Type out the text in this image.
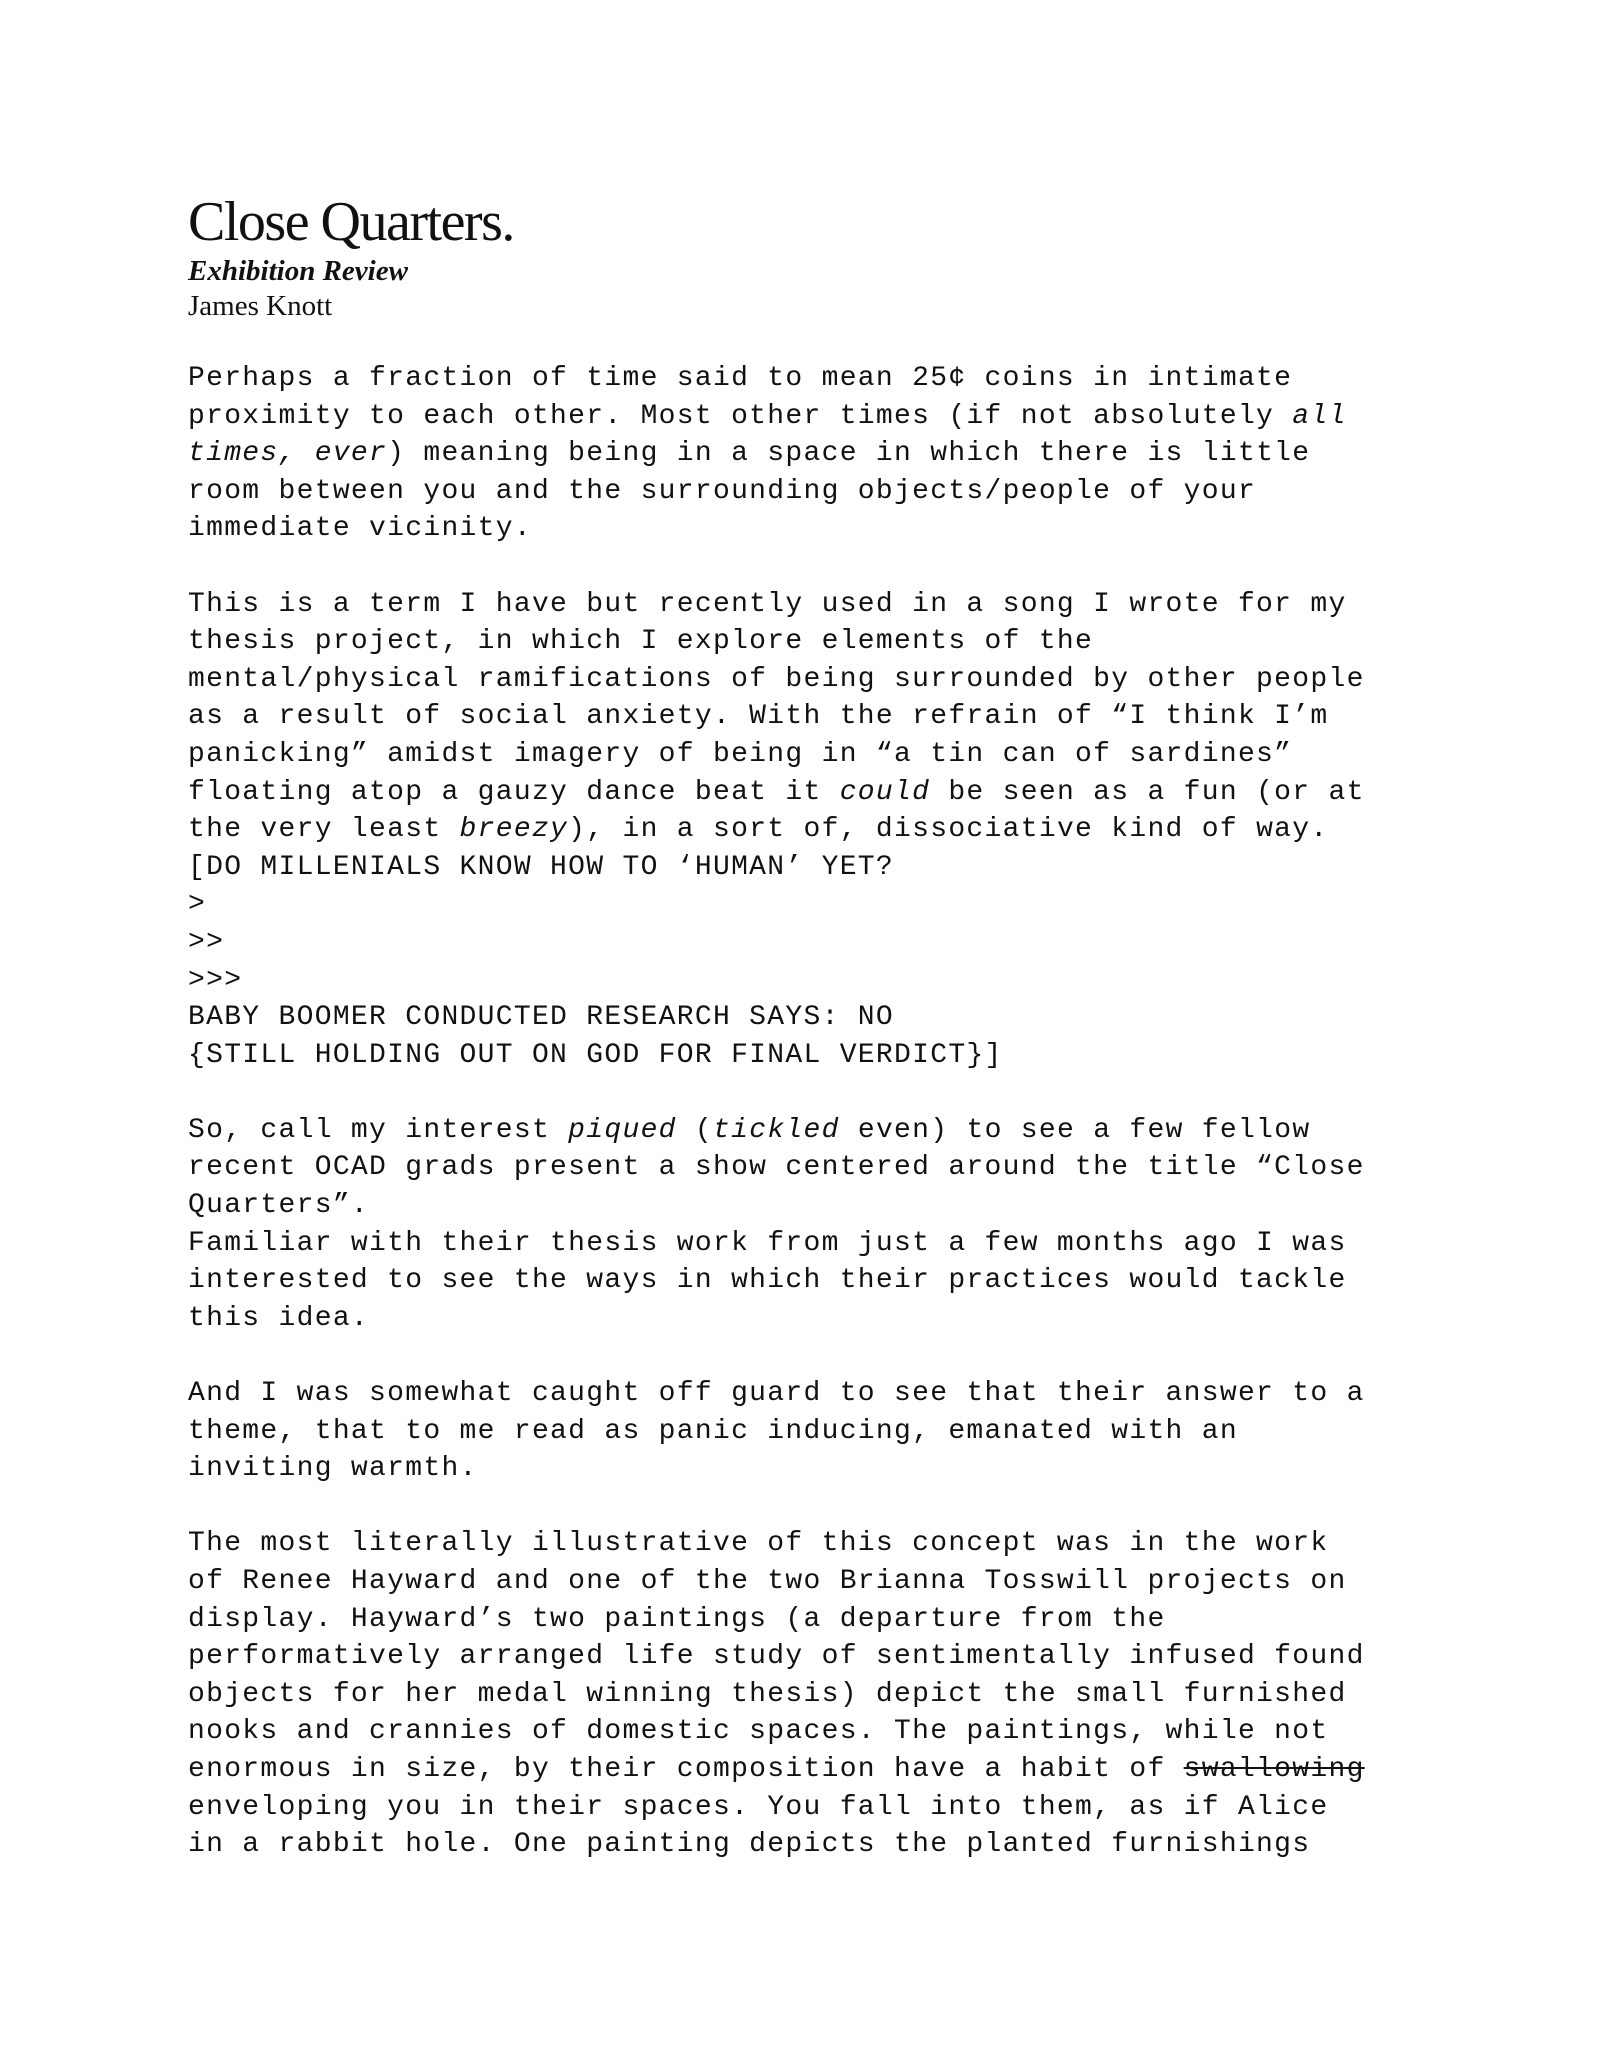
Close Quarters.

Exhibition Review

James Knott

Perhaps a fraction of time said to mean 25¢ coins in intimate
proximity to each other. Most other times (if not absolutely all
times, ever) meaning being in a space in which there is little
room between you and the surrounding objects/people of your
immediate vicinity.
This is a term I have but recently used in a song I wrote for my
thesis project, in which I explore elements of the
mental/physical ramifications of being surrounded by other people
as a result of social anxiety. With the refrain of “I think I’m
panicking” amidst imagery of being in “a tin can of sardines”
floating atop a gauzy dance beat it could be seen as a fun (or at
the very least breezy), in a sort of, dissociative kind of way.
[DO MILLENIALS KNOW HOW TO ‘HUMAN’ YET?
>
>>
>>>
BABY BOOMER CONDUCTED RESEARCH SAYS: NO
{STILL HOLDING OUT ON GOD FOR FINAL VERDICT}]
So, call my interest piqued (tickled even) to see a few fellow
recent OCAD grads present a show centered around the title “Close
Quarters”.
Familiar with their thesis work from just a few months ago I was
interested to see the ways in which their practices would tackle
this idea.
And I was somewhat caught off guard to see that their answer to a
theme, that to me read as panic inducing, emanated with an
inviting warmth.
The most literally illustrative of this concept was in the work
of Renee Hayward and one of the two Brianna Tosswill projects on
display. Hayward’s two paintings (a departure from the
performatively arranged life study of sentimentally infused found
objects for her medal winning thesis) depict the small furnished
nooks and crannies of domestic spaces. The paintings, while not
enormous in size, by their composition have a habit of swallowing
enveloping you in their spaces. You fall into them, as if Alice
in a rabbit hole. One painting depicts the planted furnishings
